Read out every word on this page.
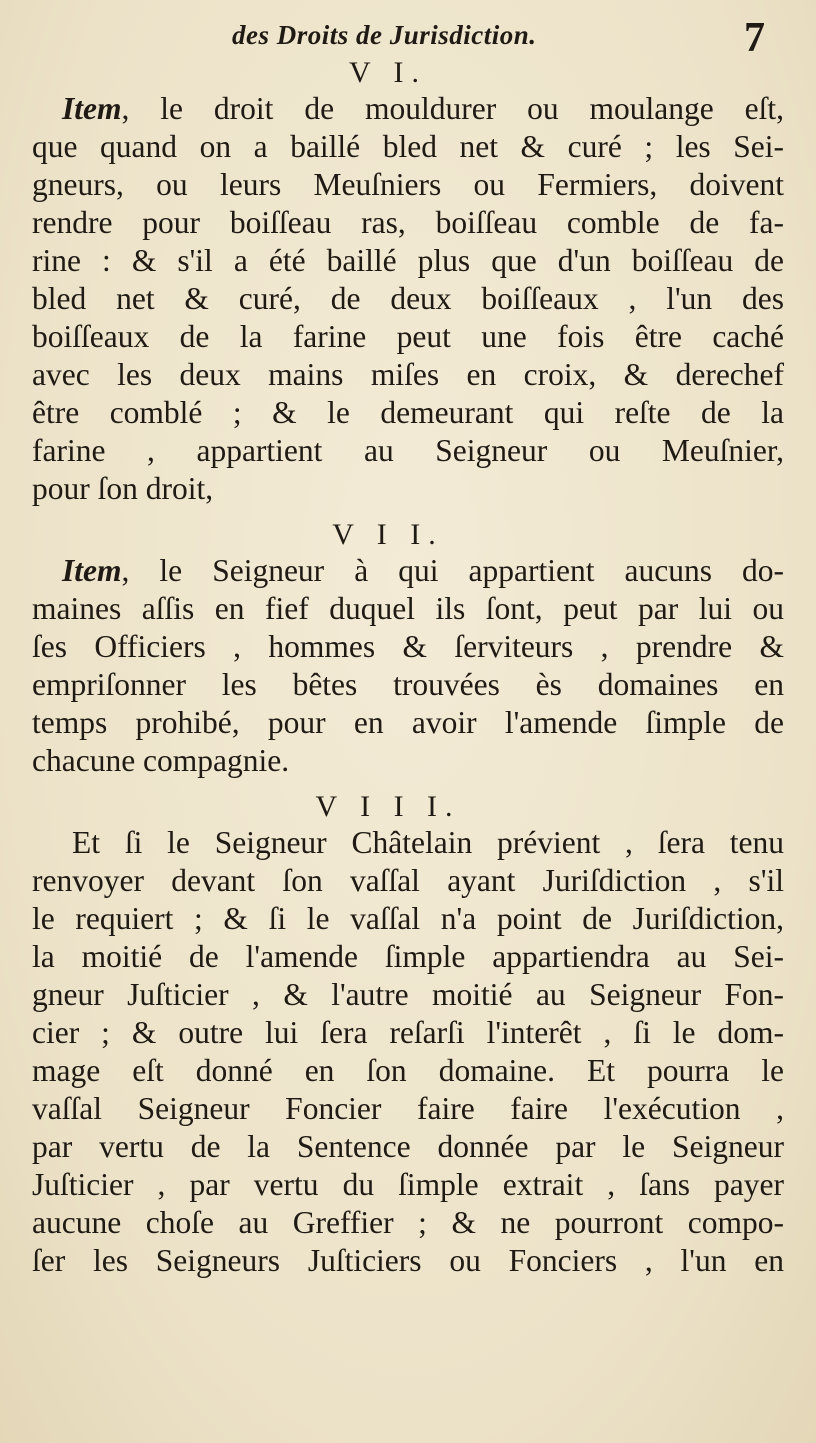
des Droits de Jurisdiction.	7
V I.
Item, le droit de mouldurer ou moulange eſt,
que quand on a baillé bled net & curé ; les Sei-
gneurs, ou leurs Meuſniers ou Fermiers, doivent
rendre pour boiſſeau ras, boiſſeau comble de fa-
rine : & s'il a été baillé plus que d'un boiſſeau de
bled net & curé, de deux boiſſeaux , l'un des
boiſſeaux de la farine peut une fois être caché
avec les deux mains miſes en croix, & derechef
être comblé ; & le demeurant qui reſte de la
farine , appartient au Seigneur ou Meuſnier,
pour ſon droit,
V I I.
Item, le Seigneur à qui appartient aucuns do-
maines aſſis en fief duquel ils ſont, peut par lui ou
ſes Officiers , hommes & ſerviteurs , prendre &
empriſonner les bêtes trouvées ès domaines en
temps prohibé, pour en avoir l'amende ſimple de
chacune compagnie.
V I I I.
Et ſi le Seigneur Châtelain prévient , ſera tenu
renvoyer devant ſon vaſſal ayant Juriſdiction , s'il
le requiert ; & ſi le vaſſal n'a point de Juriſdiction,
la moitié de l'amende ſimple appartiendra au Sei-
gneur Juſticier , & l'autre moitié au Seigneur Fon-
cier ; & outre lui ſera reſarſi l'interêt , ſi le dom-
mage eſt donné en ſon domaine. Et pourra le
vaſſal Seigneur Foncier faire faire l'exécution ,
par vertu de la Sentence donnée par le Seigneur
Juſticier , par vertu du ſimple extrait , ſans payer
aucune choſe au Greffier ; & ne pourront compo-
ſer les Seigneurs Juſticiers ou Fonciers , l'un en
